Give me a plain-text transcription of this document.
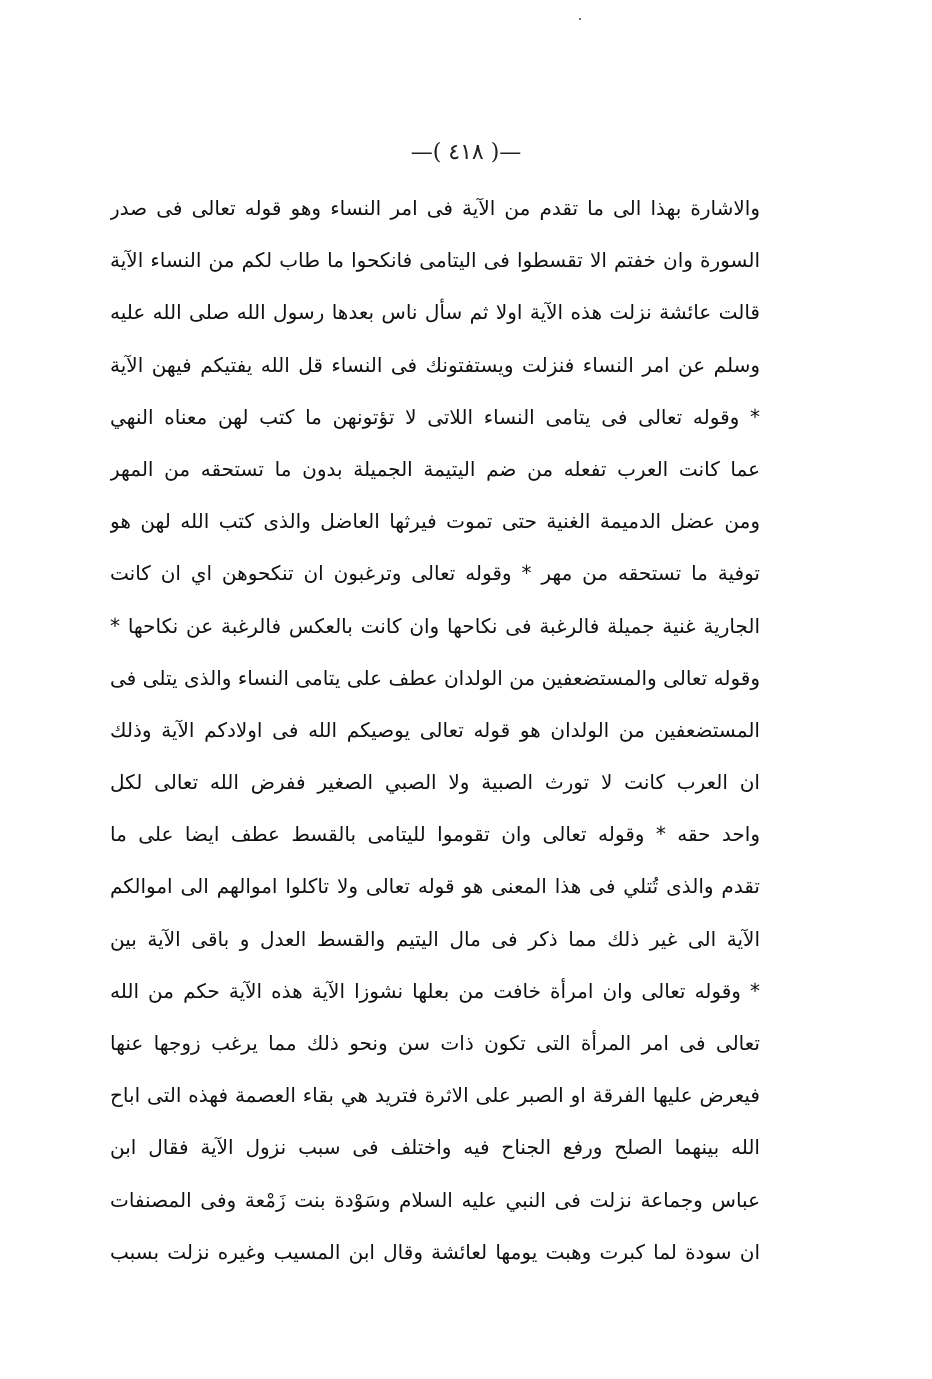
—( ٤١٨ )—
والاشارة بهذا الى ما تقدم من الآية فى امر النساء وهو قوله تعالى فى صدر
السورة وان خفتم الا تقسطوا فى اليتامى فانكحوا ما طاب لكم من النساء الآية
قالت عائشة نزلت هذه الآية اولا ثم سأل ناس بعدها رسول الله صلى الله عليه
وسلم عن امر النساء فنزلت ويستفتونك فى النساء قل الله يفتيكم فيهن الآية
* وقوله تعالى فى يتامى النساء اللاتى لا تؤتونهن ما كتب لهن معناه النهي
عما كانت العرب تفعله من ضم اليتيمة الجميلة بدون ما تستحقه من المهر
ومن عضل الدميمة الغنية حتى تموت فيرثها العاضل والذى كتب الله لهن هو
توفية ما تستحقه من مهر * وقوله تعالى وترغبون ان تنكحوهن اي ان كانت
الجارية غنية جميلة فالرغبة فى نكاحها وان كانت بالعكس فالرغبة عن نكاحها *
وقوله تعالى والمستضعفين من الولدان عطف على يتامى النساء والذى يتلى فى
المستضعفين من الولدان هو قوله تعالى يوصيكم الله فى اولادكم الآية وذلك
ان العرب كانت لا تورث الصبية ولا الصبي الصغير ففرض الله تعالى لكل
واحد حقه * وقوله تعالى وان تقوموا لليتامى بالقسط عطف ايضا على ما
تقدم والذى تُتلي فى هذا المعنى هو قوله تعالى ولا تاكلوا اموالهم الى اموالكم
الآية الى غير ذلك مما ذكر فى مال اليتيم والقسط العدل و باقى الآية بين
* وقوله تعالى وان امرأة خافت من بعلها نشوزا الآية هذه الآية حكم من الله
تعالى فى امر المرأة التى تكون ذات سن ونحو ذلك مما يرغب زوجها عنها
فيعرض عليها الفرقة او الصبر على الاثرة فتريد هي بقاء العصمة فهذه التى اباح
الله بينهما الصلح ورفع الجناح فيه واختلف فى سبب نزول الآية فقال ابن
عباس وجماعة نزلت فى النبي عليه السلام وسَوْدة بنت زَمْعة وفى المصنفات
ان سودة لما كبرت وهبت يومها لعائشة وقال ابن المسيب وغيره نزلت بسبب
